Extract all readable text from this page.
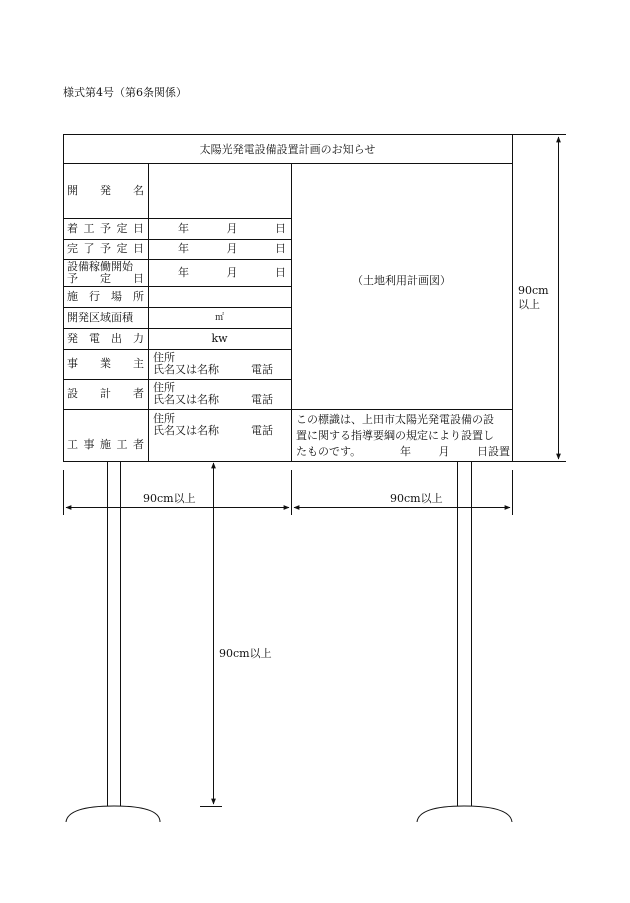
様式第4号（第6条関係）
太陽光発電設備設置計画のお知らせ
開 発 名
着 工 予 定 日	年	月	日
完 了 予 定 日	年	月	日
設備稼働開始
予 定 日	年	月	日
施 行 場 所
開発区域面積	㎡
発 電 出 力	kw
事 業 主 住所
氏名又は名称	電話
設 計 者 住所
氏名又は名称	電話
工 事 施 工 者
住所
氏名又は名称	電話
（土地利用計画図）
この標識は、上田市太陽光発電設備の設
置に関する指導要綱の規定により設置し
たものです。	年	月	日設置
90cm
以上
90cm以上	90cm以上
90cm以上
